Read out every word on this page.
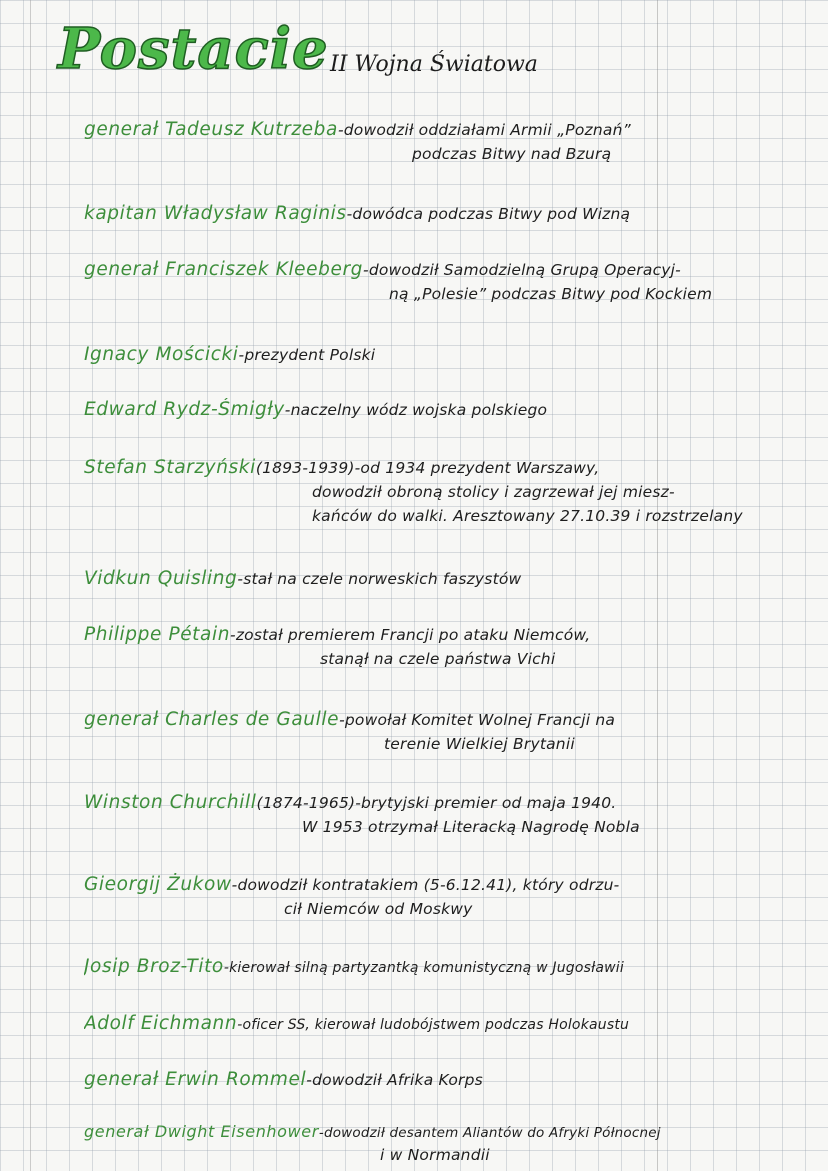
Postacie II Wojna Światowa
generał Tadeusz Kutrzeba-dowodził oddziałami Armii „Poznań”
podczas Bitwy nad Bzurą
kapitan Władysław Raginis-dowódca podczas Bitwy pod Wizną
generał Franciszek Kleeberg-dowodził Samodzielną Grupą Operacyj-
ną „Polesie” podczas Bitwy pod Kockiem
Ignacy Mościcki-prezydent Polski
Edward Rydz-Śmigły-naczelny wódz wojska polskiego
Stefan Starzyński(1893-1939)-od 1934 prezydent Warszawy,
dowodził obroną stolicy i zagrzewał jej miesz-
kańców do walki. Aresztowany 27.10.39 i rozstrzelany
Vidkun Quisling-stał na czele norweskich faszystów
Philippe Pétain-został premierem Francji po ataku Niemców,
stanął na czele państwa Vichi
generał Charles de Gaulle-powołał Komitet Wolnej Francji na
terenie Wielkiej Brytanii
Winston Churchill(1874-1965)-brytyjski premier od maja 1940.
W 1953 otrzymał Literacką Nagrodę Nobla
Gieorgij Żukow-dowodził kontratakiem (5-6.12.41), który odrzu-
cił Niemców od Moskwy
Josip Broz-Tito-kierował silną partyzantką komunistyczną w Jugosławii
Adolf Eichmann-oficer SS, kierował ludobójstwem podczas Holokaustu
generał Erwin Rommel-dowodził Afrika Korps
generał Dwight Eisenhower-dowodził desantem Aliantów do Afryki Północnej
i w Normandii
